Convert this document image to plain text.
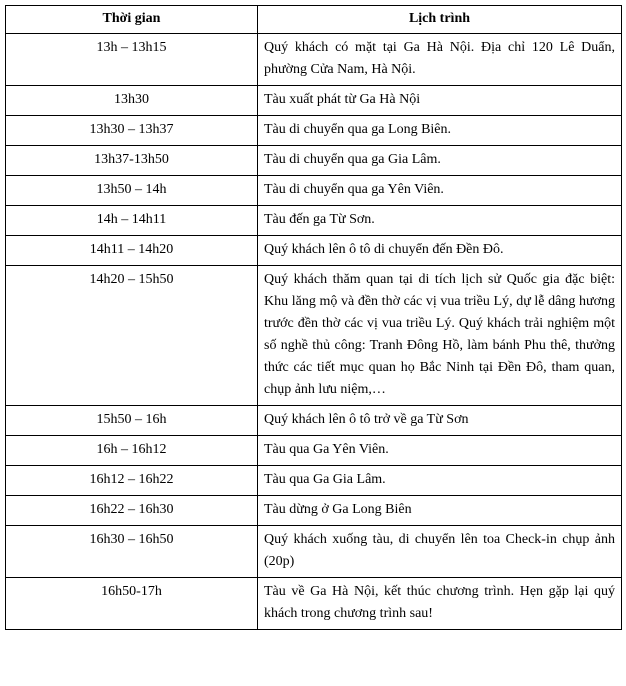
Thời gian	Lịch trình
13h – 13h15	Quý khách có mặt tại Ga Hà Nội. Địa chỉ 120 Lê Duẩn, phường Cửa Nam, Hà Nội.
13h30	Tàu xuất phát từ Ga Hà Nội
13h30 – 13h37	Tàu di chuyển qua ga Long Biên.
13h37-13h50	Tàu di chuyển qua ga Gia Lâm.
13h50 – 14h	Tàu di chuyển qua ga Yên Viên.
14h – 14h11	Tàu đến ga Từ Sơn.
14h11 – 14h20	Quý khách lên ô tô di chuyển đến Đền Đô.
14h20 – 15h50	Quý khách thăm quan tại di tích lịch sử Quốc gia đặc biệt: Khu lăng mộ và đền thờ các vị vua triều Lý, dự lễ dâng hương trước đền thờ các vị vua triều Lý. Quý khách trải nghiệm một số nghề thủ công: Tranh Đông Hồ, làm bánh Phu thê, thưởng thức các tiết mục quan họ Bắc Ninh tại Đền Đô, tham quan, chụp ảnh lưu niệm,…
15h50 – 16h	Quý khách lên ô tô trở về ga Từ Sơn
16h – 16h12	Tàu qua Ga Yên Viên.
16h12 – 16h22	Tàu qua Ga Gia Lâm.
16h22 – 16h30	Tàu dừng ở Ga Long Biên
16h30 – 16h50	Quý khách xuống tàu, di chuyển lên toa Check-in chụp ảnh (20p)
16h50-17h	Tàu về Ga Hà Nội, kết thúc chương trình. Hẹn gặp lại quý khách trong chương trình sau!
